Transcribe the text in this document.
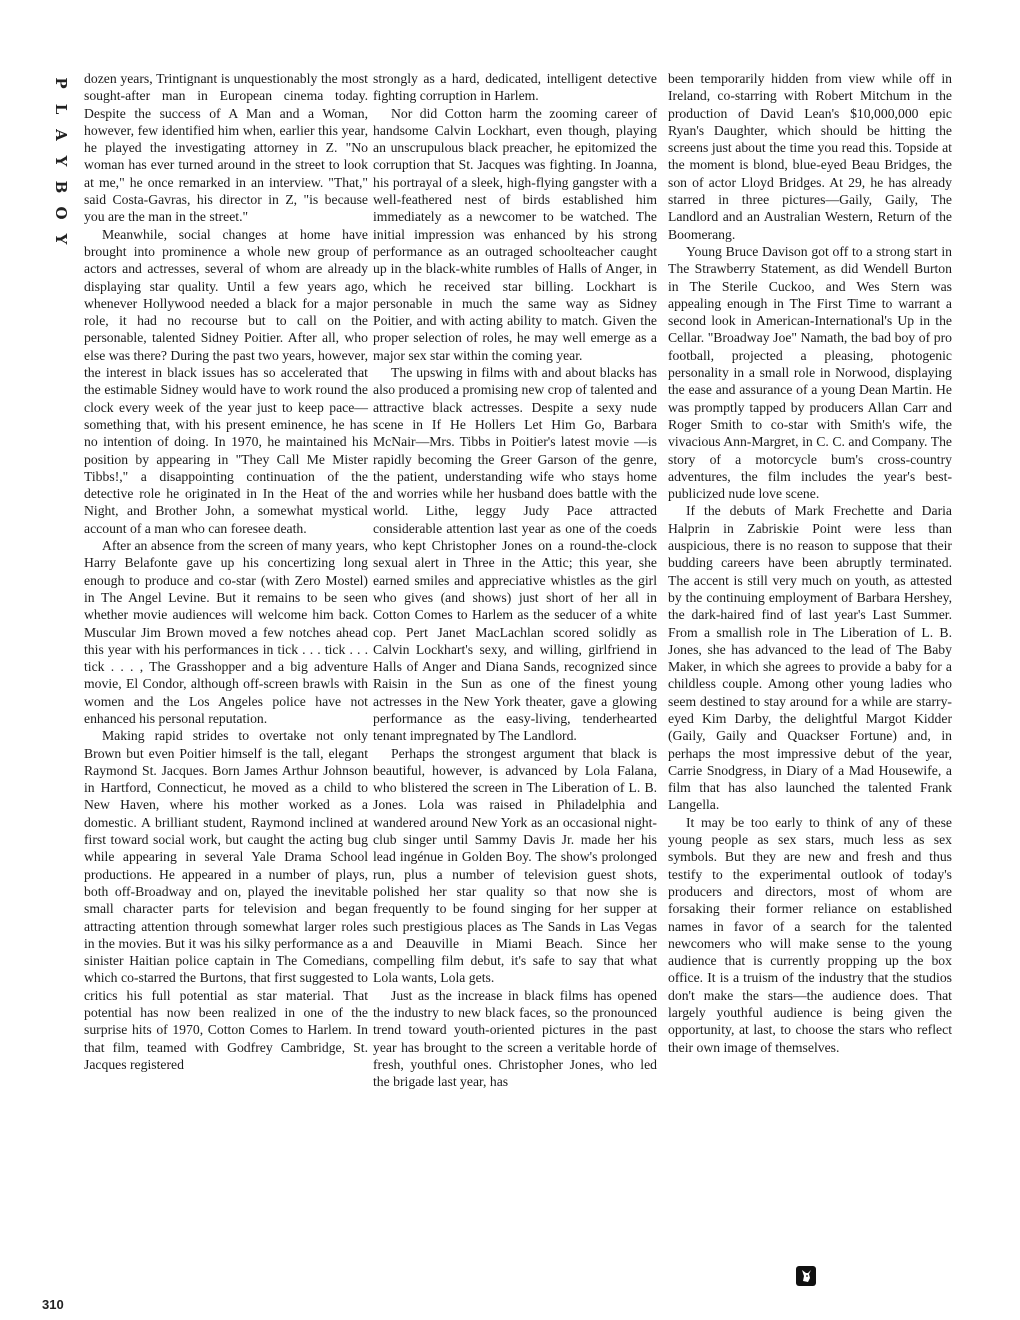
P
L
A
Y
B
O
Y

dozen years, Trintignant is unquestionably the most sought-after man in European cinema today. Despite the success of A Man and a Woman, however, few identified him when, earlier this year, he played the investigating attorney in Z. "No woman has ever turned around in the street to look at me," he once remarked in an interview. "That," said Costa-Gavras, his director in Z, "is because you are the man in the street."

Meanwhile, social changes at home have brought into prominence a whole new group of actors and actresses, several of whom are already displaying star quality. Until a few years ago, whenever Hollywood needed a black for a major role, it had no recourse but to call on the personable, talented Sidney Poitier. After all, who else was there? During the past two years, however, the interest in black issues has so accelerated that the estimable Sidney would have to work round the clock every week of the year just to keep pace—something that, with his present eminence, he has no intention of doing. In 1970, he maintained his position by appearing in "They Call Me Mister Tibbs!," a disappointing continuation of the detective role he originated in In the Heat of the Night, and Brother John, a somewhat mystical account of a man who can foresee death.

After an absence from the screen of many years, Harry Belafonte gave up his concertizing long enough to produce and co-star (with Zero Mostel) in The Angel Levine. But it remains to be seen whether movie audiences will welcome him back. Muscular Jim Brown moved a few notches ahead this year with his performances in tick . . . tick . . . tick . . . , The Grasshopper and a big adventure movie, El Condor, although off-screen brawls with women and the Los Angeles police have not enhanced his personal reputation.

Making rapid strides to overtake not only Brown but even Poitier himself is the tall, elegant Raymond St. Jacques. Born James Arthur Johnson in Hartford, Connecticut, he moved as a child to New Haven, where his mother worked as a domestic. A brilliant student, Raymond inclined at first toward social work, but caught the acting bug while appearing in several Yale Drama School productions. He appeared in a number of plays, both off-Broadway and on, played the inevitable small character parts for television and began attracting attention through somewhat larger roles in the movies. But it was his silky performance as a sinister Haitian police captain in The Comedians, which co-starred the Burtons, that first suggested to critics his full potential as star material. That potential has now been realized in one of the surprise hits of 1970, Cotton Comes to Harlem. In that film, teamed with Godfrey Cambridge, St. Jacques registered

strongly as a hard, dedicated, intelligent detective fighting corruption in Harlem.

Nor did Cotton harm the zooming career of handsome Calvin Lockhart, even though, playing an unscrupulous black preacher, he epitomized the corruption that St. Jacques was fighting. In Joanna, his portrayal of a sleek, high-flying gangster with a well-feathered nest of birds established him immediately as a newcomer to be watched. The initial impression was enhanced by his strong performance as an outraged schoolteacher caught up in the black-white rumbles of Halls of Anger, in which he received star billing. Lockhart is personable in much the same way as Sidney Poitier, and with acting ability to match. Given the proper selection of roles, he may well emerge as a major sex star within the coming year.

The upswing in films with and about blacks has also produced a promising new crop of talented and attractive black actresses. Despite a sexy nude scene in If He Hollers Let Him Go, Barbara McNair—Mrs. Tibbs in Poitier's latest movie —is rapidly becoming the Greer Garson of the genre, the patient, understanding wife who stays home and worries while her husband does battle with the world. Lithe, leggy Judy Pace attracted considerable attention last year as one of the coeds who kept Christopher Jones on a round-the-clock sexual alert in Three in the Attic; this year, she earned smiles and appreciative whistles as the girl who gives (and shows) just short of her all in Cotton Comes to Harlem as the seducer of a white cop. Pert Janet MacLachlan scored solidly as Calvin Lockhart's sexy, and willing, girlfriend in Halls of Anger and Diana Sands, recognized since Raisin in the Sun as one of the finest young actresses in the New York theater, gave a glowing performance as the easy-living, tenderhearted tenant impregnated by The Landlord.

Perhaps the strongest argument that black is beautiful, however, is advanced by Lola Falana, who blistered the screen in The Liberation of L. B. Jones. Lola was raised in Philadelphia and wandered around New York as an occasional night-club singer until Sammy Davis Jr. made her his lead ingénue in Golden Boy. The show's prolonged run, plus a number of television guest shots, polished her star quality so that now she is frequently to be found singing for her supper at such prestigious places as The Sands in Las Vegas and Deauville in Miami Beach. Since her compelling film debut, it's safe to say that what Lola wants, Lola gets.

Just as the increase in black films has opened the industry to new black faces, so the pronounced trend toward youth-oriented pictures in the past year has brought to the screen a veritable horde of fresh, youthful ones. Christopher Jones, who led the brigade last year, has

been temporarily hidden from view while off in Ireland, co-starring with Robert Mitchum in the production of David Lean's $10,000,000 epic Ryan's Daughter, which should be hitting the screens just about the time you read this. Topside at the moment is blond, blue-eyed Beau Bridges, the son of actor Lloyd Bridges. At 29, he has already starred in three pictures—Gaily, Gaily, The Landlord and an Australian Western, Return of the Boomerang.

Young Bruce Davison got off to a strong start in The Strawberry Statement, as did Wendell Burton in The Sterile Cuckoo, and Wes Stern was appealing enough in The First Time to warrant a second look in American-International's Up in the Cellar. "Broadway Joe" Namath, the bad boy of pro football, projected a pleasing, photogenic personality in a small role in Norwood, displaying the ease and assurance of a young Dean Martin. He was promptly tapped by producers Allan Carr and Roger Smith to co-star with Smith's wife, the vivacious Ann-Margret, in C. C. and Company. The story of a motorcycle bum's cross-country adventures, the film includes the year's best-publicized nude love scene.

If the debuts of Mark Frechette and Daria Halprin in Zabriskie Point were less than auspicious, there is no reason to suppose that their budding careers have been abruptly terminated. The accent is still very much on youth, as attested by the continuing employment of Barbara Hershey, the dark-haired find of last year's Last Summer. From a smallish role in The Liberation of L. B. Jones, she has advanced to the lead of The Baby Maker, in which she agrees to provide a baby for a childless couple. Among other young ladies who seem destined to stay around for a while are starry-eyed Kim Darby, the delightful Margot Kidder (Gaily, Gaily and Quackser Fortune) and, in perhaps the most impressive debut of the year, Carrie Snodgress, in Diary of a Mad Housewife, a film that has also launched the talented Frank Langella.

It may be too early to think of any of these young people as sex stars, much less as sex symbols. But they are new and fresh and thus testify to the experimental outlook of today's producers and directors, most of whom are forsaking their former reliance on established names in favor of a search for the talented newcomers who will make sense to the young audience that is currently propping up the box office. It is a truism of the industry that the studios don't make the stars—the audience does. That largely youthful audience is being given the opportunity, at last, to choose the stars who reflect their own image of themselves.

310
